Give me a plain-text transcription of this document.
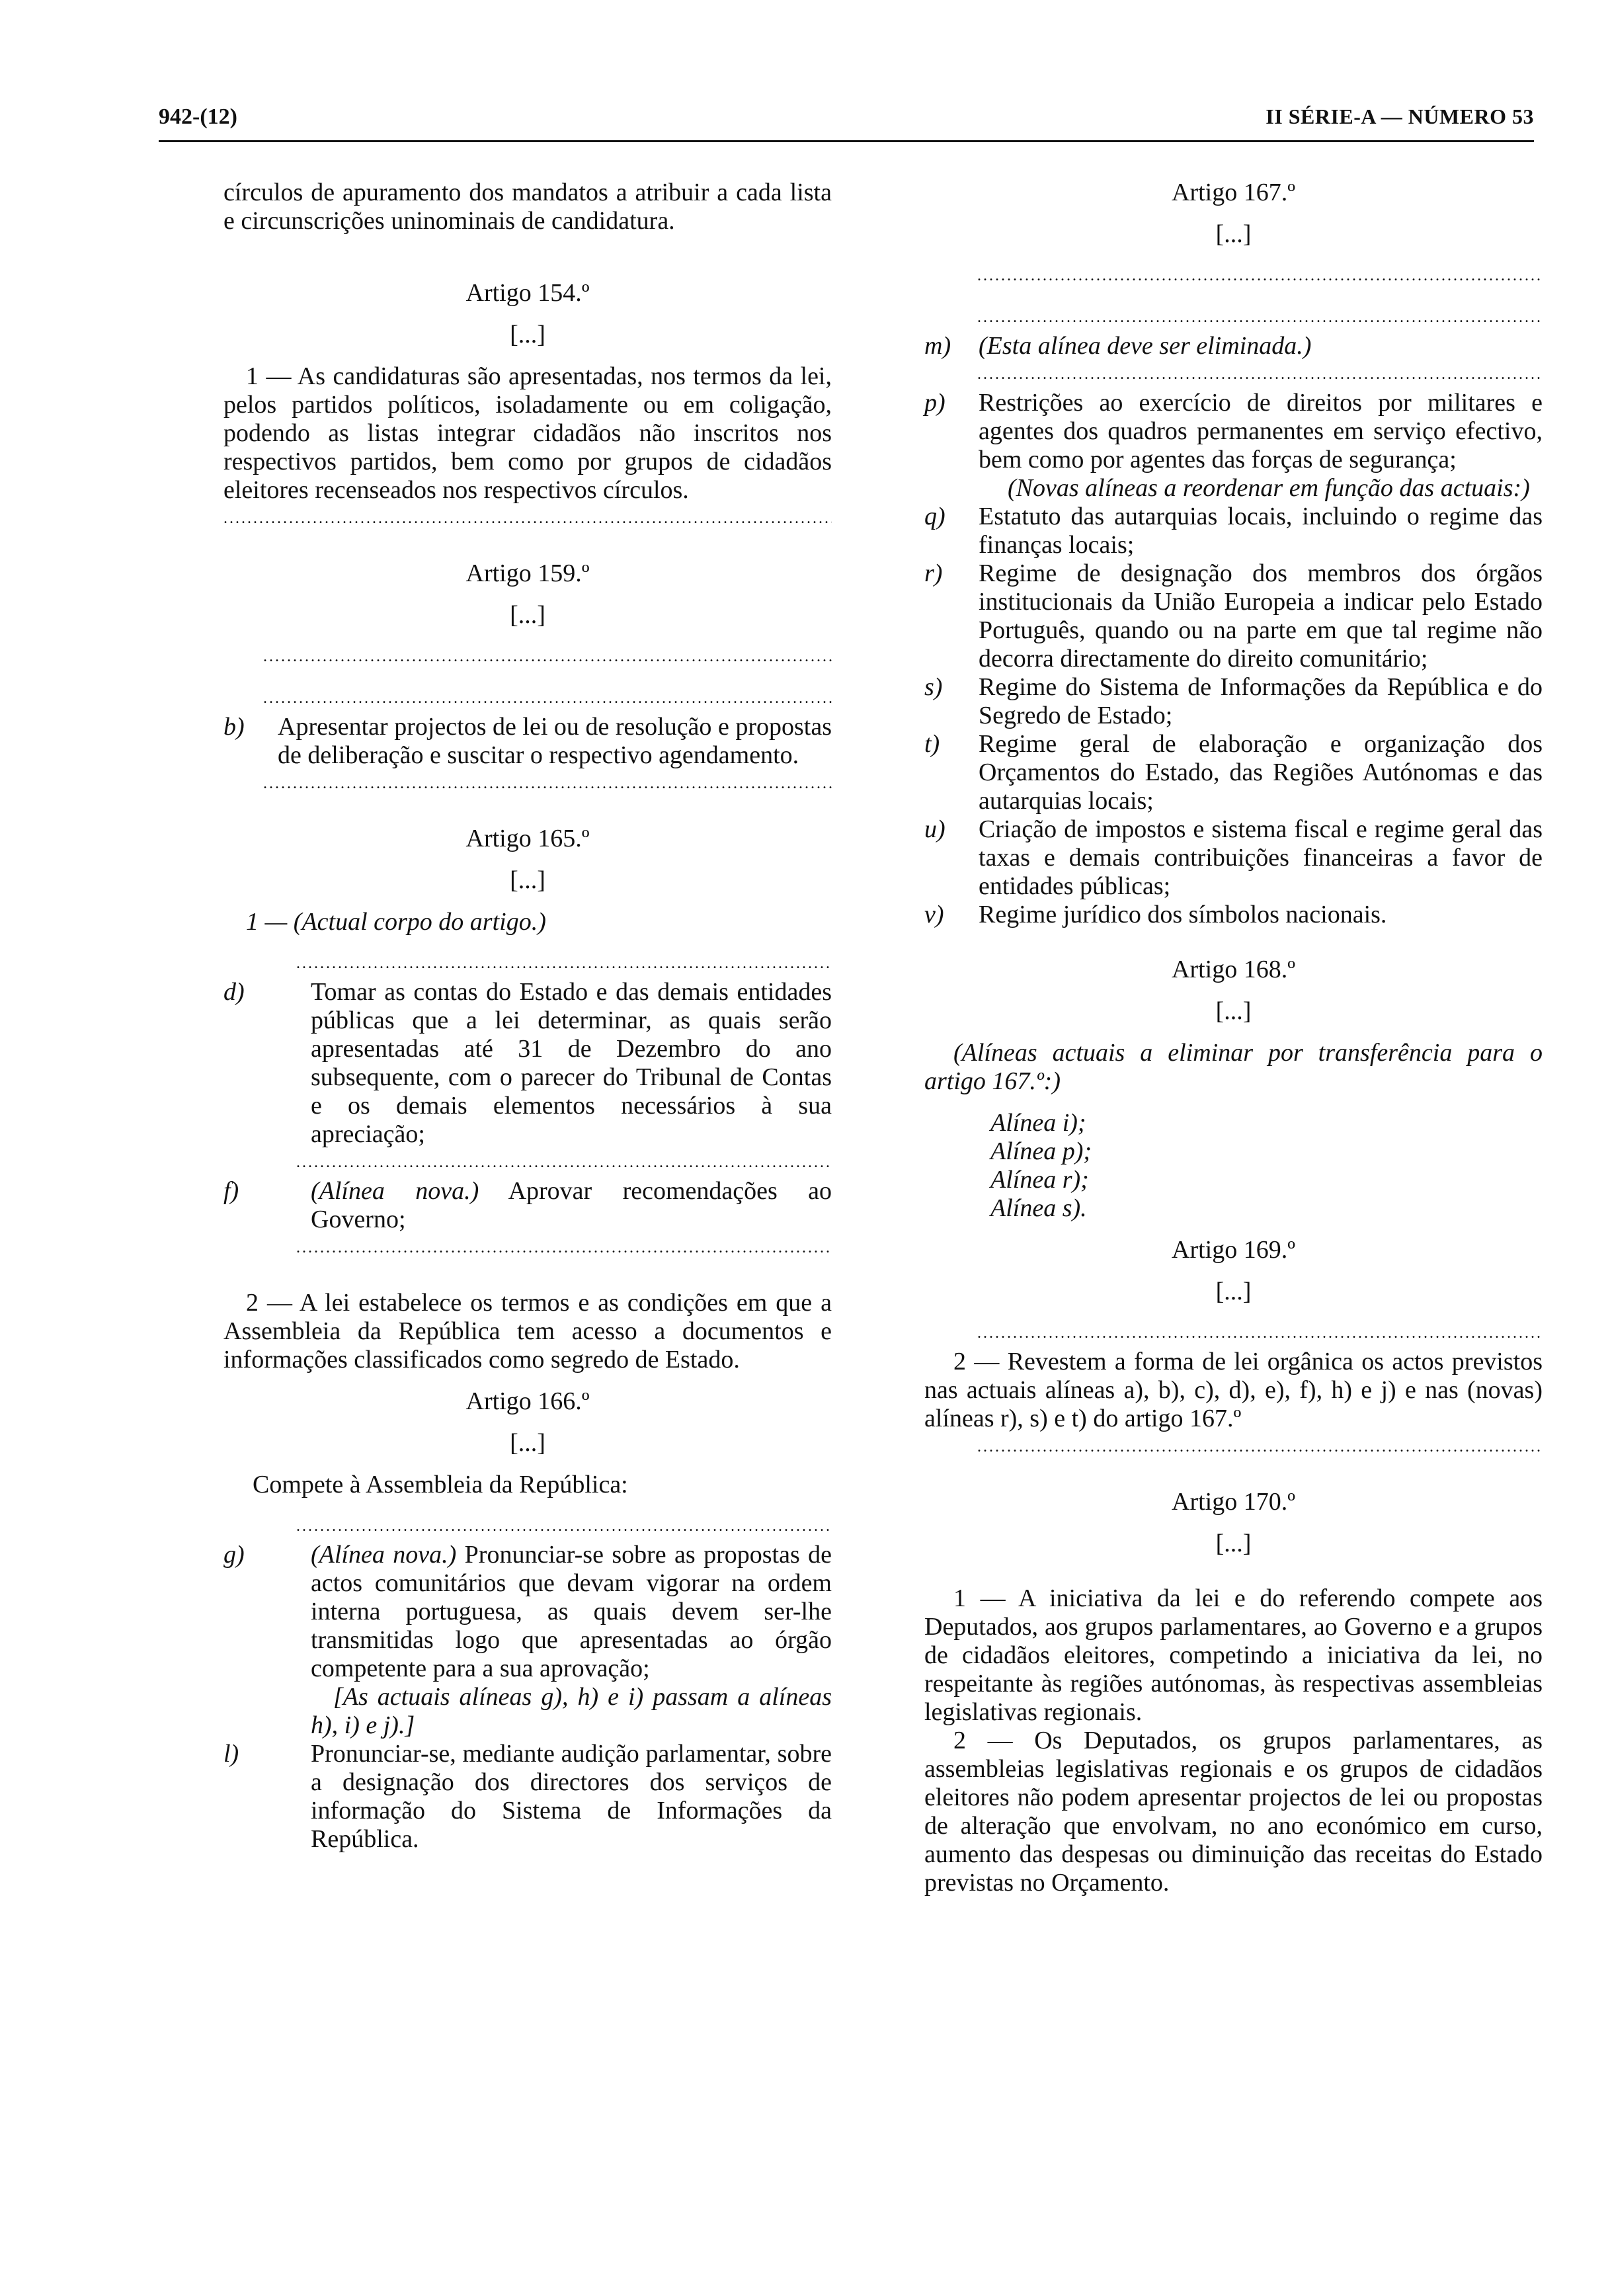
942-(12)	II SÉRIE-A — NÚMERO 53

círculos de apuramento dos mandatos a atribuir a cada lista e circunscrições uninominais de candidatura.

Artigo 154.º

[...]

1 — As candidaturas são apresentadas, nos termos da lei, pelos partidos políticos, isoladamente ou em coligação, podendo as listas integrar cidadãos não inscritos nos respectivos partidos, bem como por grupos de cidadãos eleitores recenseados nos respectivos círculos.

.....

Artigo 159.º

[...]

.....
.....
b)	Apresentar projectos de lei ou de resolução e propostas de deliberação e suscitar o respectivo agendamento.
.....

Artigo 165.º

[...]

1 — (Actual corpo do artigo.)

.....
d)	Tomar as contas do Estado e das demais entidades públicas que a lei determinar, as quais serão apresentadas até 31 de Dezembro do ano subsequente, com o parecer do Tribunal de Contas e os demais elementos necessários à sua apreciação;
.....
f)	(Alínea nova.) Aprovar recomendações ao Governo;
.....

2 — A lei estabelece os termos e as condições em que a Assembleia da República tem acesso a documentos e informações classificados como segredo de Estado.

Artigo 166.º

[...]

Compete à Assembleia da República:

.....
g)	(Alínea nova.) Pronunciar-se sobre as propostas de actos comunitários que devam vigorar na ordem interna portuguesa, as quais devem ser-lhe transmitidas logo que apresentadas ao órgão competente para a sua aprovação;

[As actuais alíneas g), h) e i) passam a alíneas h), i) e j).]

l)	Pronunciar-se, mediante audição parlamentar, sobre a designação dos directores dos serviços de informação do Sistema de Informações da República.

Artigo 167.º

[...]

.....
.....
m)	(Esta alínea deve ser eliminada.)
.....
p)	Restrições ao exercício de direitos por militares e agentes dos quadros permanentes em serviço efectivo, bem como por agentes das forças de segurança;

(Novas alíneas a reordenar em função das actuais:)

q)	Estatuto das autarquias locais, incluindo o regime das finanças locais;
r)	Regime de designação dos membros dos órgãos institucionais da União Europeia a indicar pelo Estado Português, quando ou na parte em que tal regime não decorra directamente do direito comunitário;
s)	Regime do Sistema de Informações da República e do Segredo de Estado;
t)	Regime geral de elaboração e organização dos Orçamentos do Estado, das Regiões Autónomas e das autarquias locais;
u)	Criação de impostos e sistema fiscal e regime geral das taxas e demais contribuições financeiras a favor de entidades públicas;
v)	Regime jurídico dos símbolos nacionais.

Artigo 168.º

[...]

(Alíneas actuais a eliminar por transferência para o artigo 167.º:)

Alínea i);

Alínea p);

Alínea r);

Alínea s).

Artigo 169.º

[...]

.....

2 — Revestem a forma de lei orgânica os actos previstos nas actuais alíneas a), b), c), d), e), f), h) e j) e nas (novas) alíneas r), s) e t) do artigo 167.º

.....

Artigo 170.º

[...]

1 — A iniciativa da lei e do referendo compete aos Deputados, aos grupos parlamentares, ao Governo e a grupos de cidadãos eleitores, competindo a iniciativa da lei, no respeitante às regiões autónomas, às respectivas assembleias legislativas regionais.

2 — Os Deputados, os grupos parlamentares, as assembleias legislativas regionais e os grupos de cidadãos eleitores não podem apresentar projectos de lei ou propostas de alteração que envolvam, no ano económico em curso, aumento das despesas ou diminuição das receitas do Estado previstas no Orçamento.
